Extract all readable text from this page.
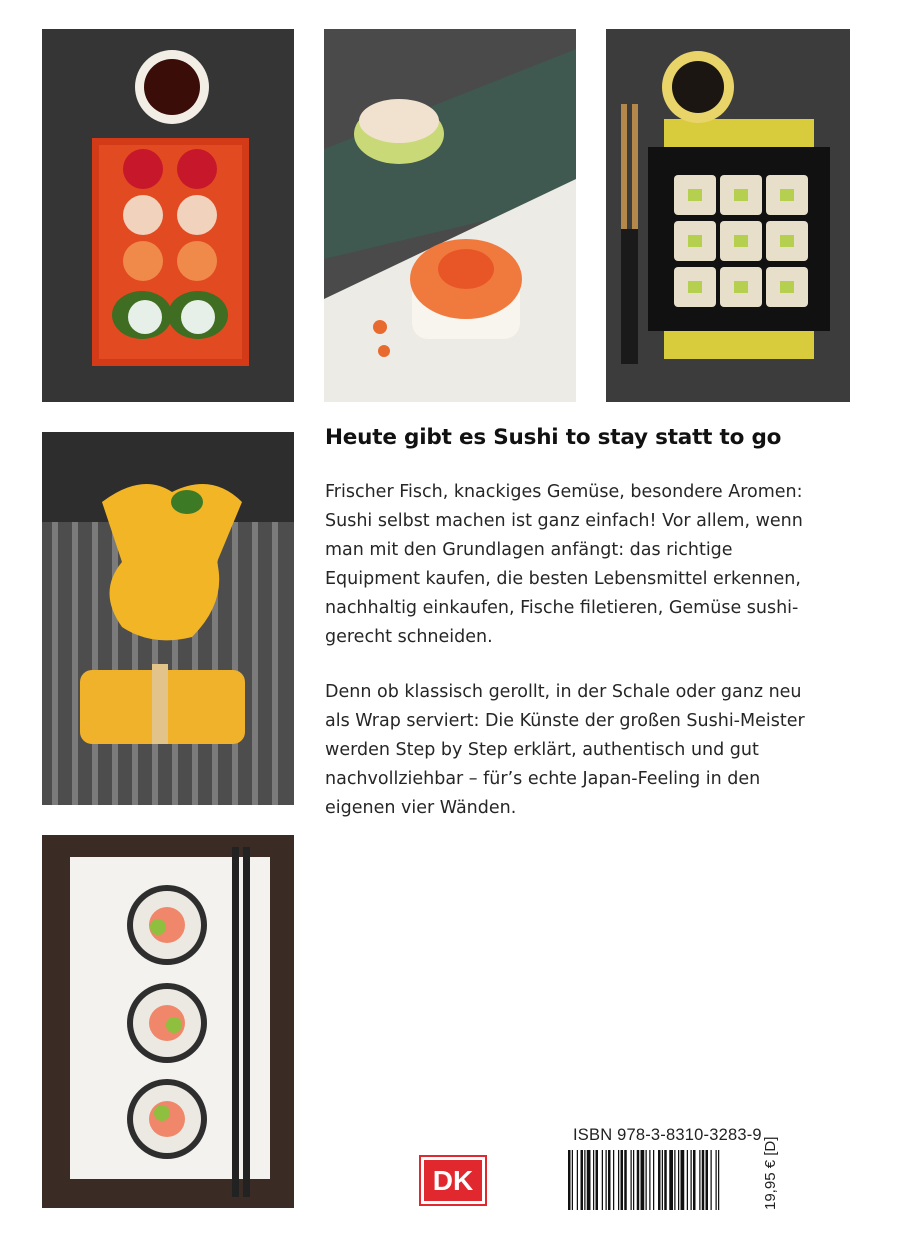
Heute gibt es Sushi to stay statt to go

Frischer Fisch, knackiges Gemüse, besondere Aromen: Sushi selbst machen ist ganz einfach! Vor allem, wenn man mit den Grundlagen anfängt: das richtige Equipment kaufen, die besten Lebensmittel erkennen, nachhaltig einkaufen, Fische filetieren, Gemüse sushi-gerecht schneiden.

Denn ob klassisch gerollt, in der Schale oder ganz neu als Wrap serviert: Die Künste der großen Sushi-Meister werden Step by Step erklärt, authentisch und gut nachvollziehbar – für’s echte Japan-Feeling in den eigenen vier Wänden.

DK
ISBN 978-3-8310-3283-9
19,95 € [D]
